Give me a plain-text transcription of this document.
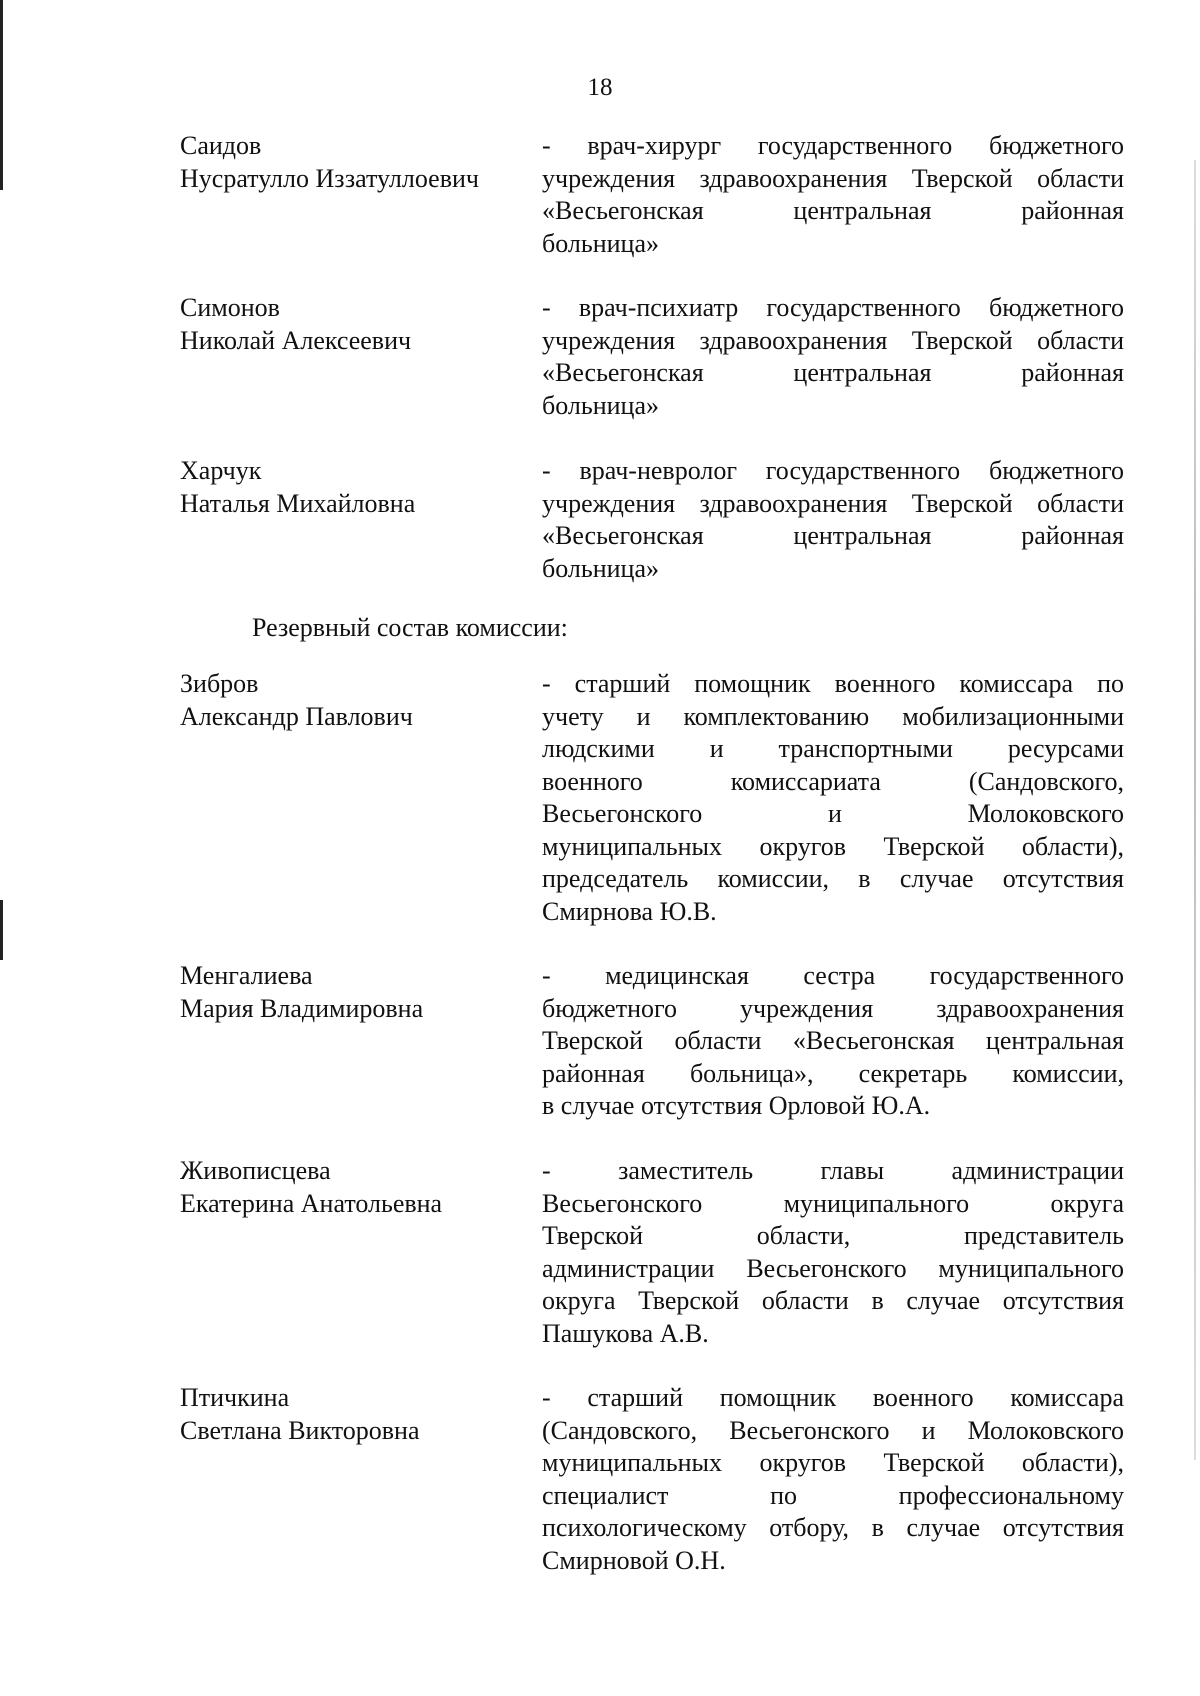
18
Саидов
Нусратулло Иззатуллоевич
- врач-хирург государственного бюджетного
учреждения здравоохранения Тверской области
«Весьегонская центральная районная
больница»
Симонов
Николай Алексеевич
- врач-психиатр государственного бюджетного
учреждения здравоохранения Тверской области
«Весьегонская центральная районная
больница»
Харчук
Наталья Михайловна
- врач-невролог государственного бюджетного
учреждения здравоохранения Тверской области
«Весьегонская центральная районная
больница»
Резервный состав комиссии:
Зибров
Александр Павлович
- старший помощник военного комиссара по
учету и комплектованию мобилизационными
людскими и транспортными ресурсами
военного комиссариата (Сандовского,
Весьегонского и Молоковского
муниципальных округов Тверской области),
председатель комиссии, в случае отсутствия
Смирнова Ю.В.
Менгалиева
Мария Владимировна
- медицинская сестра государственного
бюджетного учреждения здравоохранения
Тверской области «Весьегонская центральная
районная больница», секретарь комиссии,
в случае отсутствия Орловой Ю.А.
Живописцева
Екатерина Анатольевна
- заместитель главы администрации
Весьегонского муниципального округа
Тверской области, представитель
администрации Весьегонского муниципального
округа Тверской области в случае отсутствия
Пашукова А.В.
Птичкина
Светлана Викторовна
- старший помощник военного комиссара
(Сандовского, Весьегонского и Молоковского
муниципальных округов Тверской области),
специалист по профессиональному
психологическому отбору, в случае отсутствия
Смирновой О.Н.
